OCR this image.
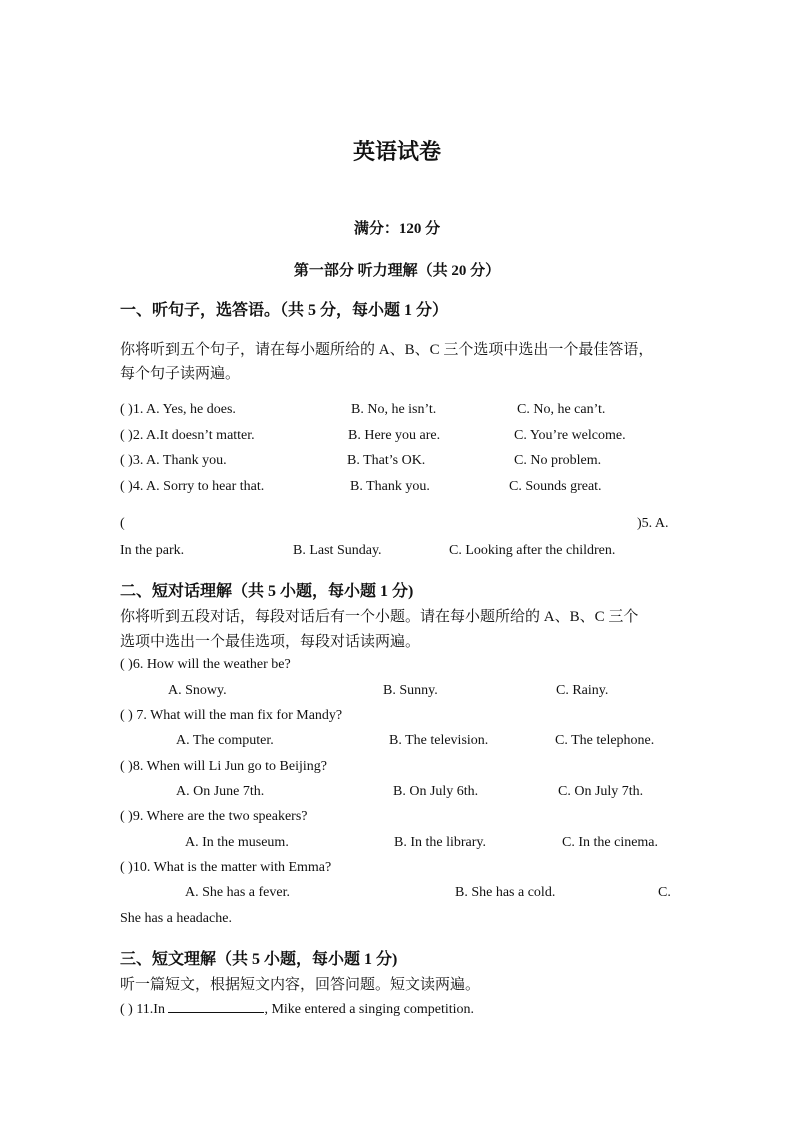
英语试卷
满分：120 分
第一部分 听力理解（共 20 分）
一、听句子，选答语。（共 5 分，每小题 1 分）
你将听到五个句子，请在每小题所给的 A、B、C 三个选项中选出一个最佳答语，
每个句子读两遍。
( )1. A. Yes, he does.	B. No, he isn’t.	C. No, he can’t.
( )2. A.It doesn’t matter.	B. Here you are.	C. You’re welcome.
( )3. A. Thank you.	B. That’s OK.	C. No problem.
( )4. A. Sorry to hear that.	B. Thank you.	C. Sounds great.
(	)5. A.
In the park.	B. Last Sunday.	C. Looking after the children.
二、短对话理解（共 5 小题，每小题 1 分)
你将听到五段对话，每段对话后有一个小题。请在每小题所给的 A、B、C 三个
选项中选出一个最佳选项，每段对话读两遍。
( )6. How will the weather be?
A. Snowy.	B. Sunny.	C. Rainy.
( ) 7. What will the man fix for Mandy?
A. The computer.	B. The television.	C. The telephone.
( )8. When will Li Jun go to Beijing?
A. On June 7th.	B. On July 6th.	C. On July 7th.
( )9. Where are the two speakers?
A. In the museum.	B. In the library.	C. In the cinema.
( )10. What is the matter with Emma?
A. She has a fever.	B. She has a cold.	C.
She has a headache.
三、短文理解（共 5 小题，每小题 1 分)
听一篇短文，根据短文内容，回答问题。短文读两遍。
( ) 11.In	, Mike entered a singing competition.
